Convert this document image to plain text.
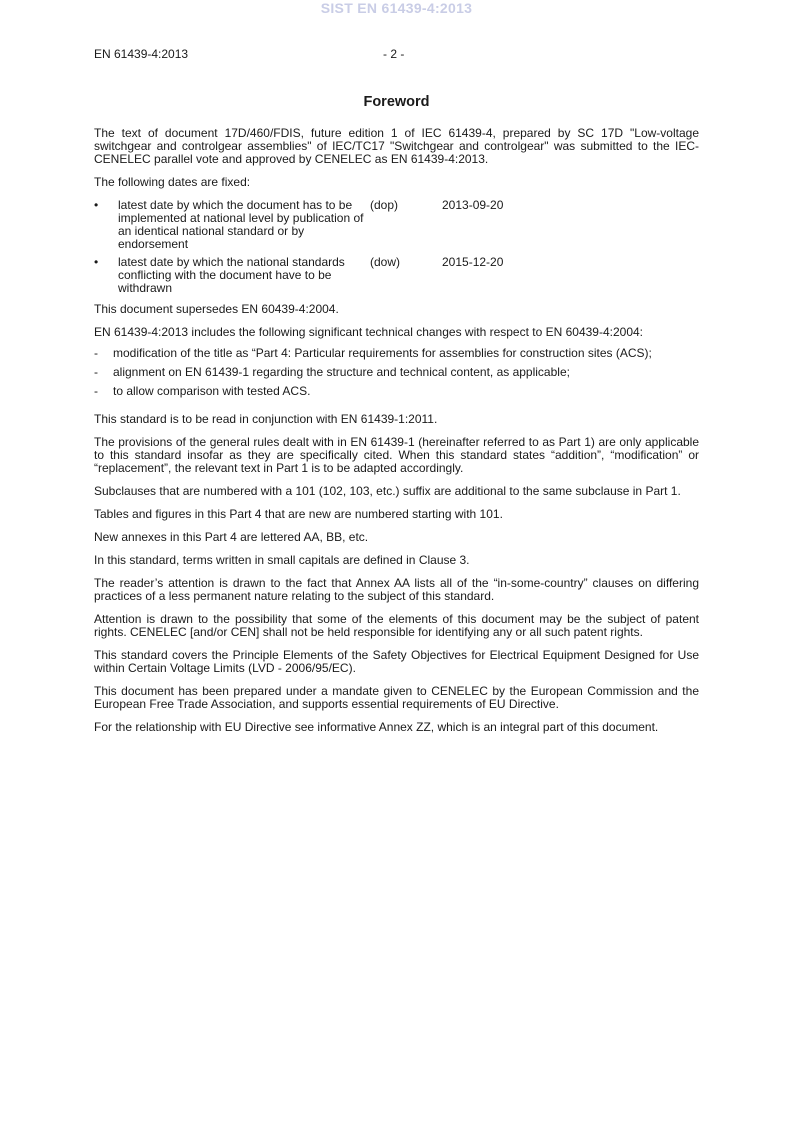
SIST EN 61439-4:2013
EN 61439-4:2013	- 2 -
Foreword

The text of document 17D/460/FDIS, future edition 1 of IEC 61439-4, prepared by SC 17D "Low-voltage switchgear and controlgear assemblies" of IEC/TC17 "Switchgear and controlgear" was submitted to the IEC-CENELEC parallel vote and approved by CENELEC as EN 61439-4:2013.

The following dates are fixed:

•	latest date by which the document has to be implemented at national level by publication of an identical national standard or by endorsement
(dop)	2013-09-20
•	latest date by which the national standards conflicting with the document have to be withdrawn
(dow)	2015-12-20

This document supersedes EN 60439-4:2004.

EN 61439-4:2013 includes the following significant technical changes with respect to EN 60439-4:2004:

-	modification of the title as “Part 4: Particular requirements for assemblies for construction sites (ACS);
-	alignment on EN 61439-1 regarding the structure and technical content, as applicable;
-	to allow comparison with tested ACS.

This standard is to be read in conjunction with EN 61439-1:2011.

The provisions of the general rules dealt with in EN 61439-1 (hereinafter referred to as Part 1) are only applicable to this standard insofar as they are specifically cited. When this standard states “addition”, “modification” or “replacement”, the relevant text in Part 1 is to be adapted accordingly.

Subclauses that are numbered with a 101 (102, 103, etc.) suffix are additional to the same subclause in Part 1.

Tables and figures in this Part 4 that are new are numbered starting with 101.

New annexes in this Part 4 are lettered AA, BB, etc.

In this standard, terms written in small capitals are defined in Clause 3.

The reader’s attention is drawn to the fact that Annex AA lists all of the “in-some-country” clauses on differing practices of a less permanent nature relating to the subject of this standard.

Attention is drawn to the possibility that some of the elements of this document may be the subject of patent rights. CENELEC [and/or CEN] shall not be held responsible for identifying any or all such patent rights.

This standard covers the Principle Elements of the Safety Objectives for Electrical Equipment Designed for Use within Certain Voltage Limits (LVD - 2006/95/EC).

This document has been prepared under a mandate given to CENELEC by the European Commission and the European Free Trade Association, and supports essential requirements of EU Directive.

For the relationship with EU Directive see informative Annex ZZ, which is an integral part of this document.
